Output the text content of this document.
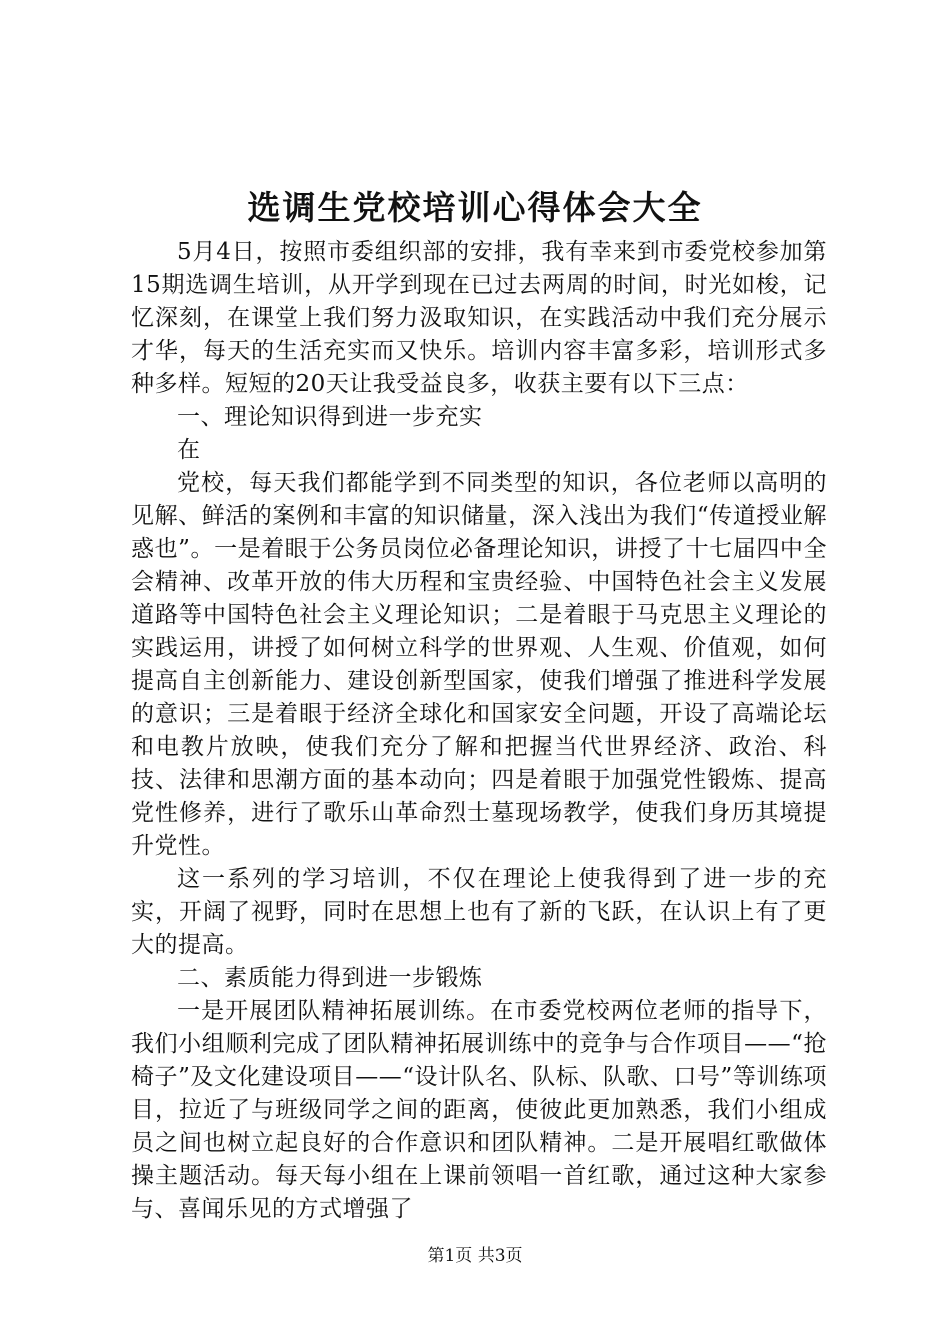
选调生党校培训心得体会大全

5月4日，按照市委组织部的安排，我有幸来到市委党校参加第15期选调生培训，从开学到现在已过去两周的时间，时光如梭，记忆深刻，在课堂上我们努力汲取知识，在实践活动中我们充分展示才华，每天的生活充实而又快乐。培训内容丰富多彩，培训形式多种多样。短短的20天让我受益良多，收获主要有以下三点：

一、理论知识得到进一步充实

在

党校，每天我们都能学到不同类型的知识，各位老师以高明的见解、鲜活的案例和丰富的知识储量，深入浅出为我们“传道授业解惑也”。一是着眼于公务员岗位必备理论知识，讲授了十七届四中全会精神、改革开放的伟大历程和宝贵经验、中国特色社会主义发展道路等中国特色社会主义理论知识；二是着眼于马克思主义理论的实践运用，讲授了如何树立科学的世界观、人生观、价值观，如何提高自主创新能力、建设创新型国家，使我们增强了推进科学发展的意识；三是着眼于经济全球化和国家安全问题，开设了高端论坛和电教片放映，使我们充分了解和把握当代世界经济、政治、科技、法律和思潮方面的基本动向；四是着眼于加强党性锻炼、提高党性修养，进行了歌乐山革命烈士墓现场教学，使我们身历其境提升党性。

这一系列的学习培训，不仅在理论上使我得到了进一步的充实，开阔了视野，同时在思想上也有了新的飞跃，在认识上有了更大的提高。

二、素质能力得到进一步锻炼

一是开展团队精神拓展训练。在市委党校两位老师的指导下，我们小组顺利完成了团队精神拓展训练中的竞争与合作项目——“抢椅子”及文化建设项目——“设计队名、队标、队歌、口号”等训练项目，拉近了与班级同学之间的距离，使彼此更加熟悉，我们小组成员之间也树立起良好的合作意识和团队精神。二是开展唱红歌做体操主题活动。每天每小组在上课前领唱一首红歌，通过这种大家参与、喜闻乐见的方式增强了

第1页 共3页
